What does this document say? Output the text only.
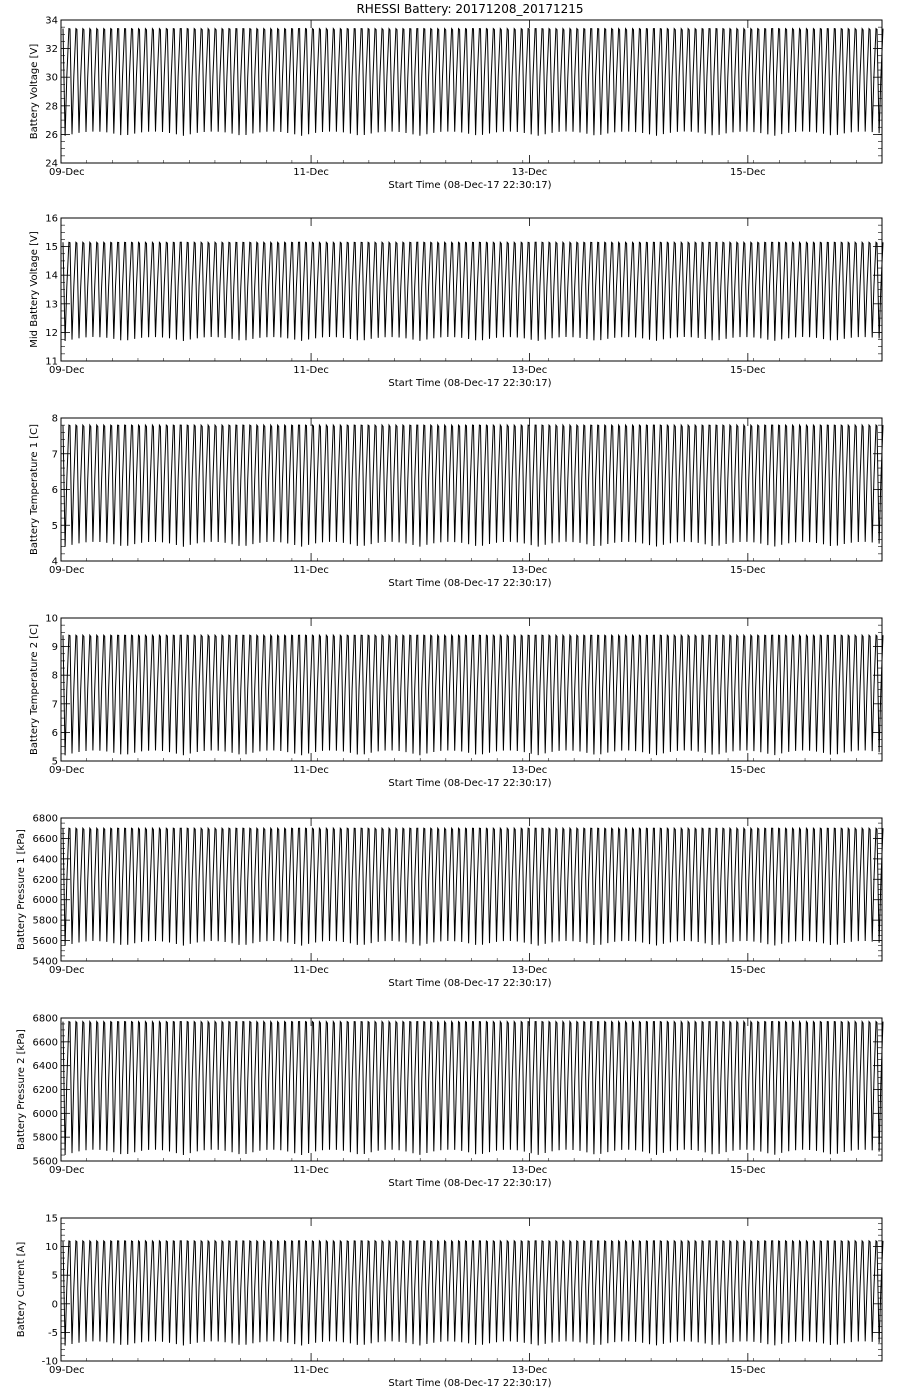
RHESSI Battery: 20171208_20171215
24
26
28
30
32
34
09-Dec	11-Dec	13-Dec	15-Dec
Start Time (08-Dec-17 22:30:17)
Battery Voltage [V]
11
12
13
14
15
16
09-Dec	11-Dec	13-Dec	15-Dec
Start Time (08-Dec-17 22:30:17)
Mid Battery Voltage [V]
4
5
6
7
8
09-Dec	11-Dec	13-Dec	15-Dec
Start Time (08-Dec-17 22:30:17)
Battery Temperature 1 [C]
5
6
7
8
9
10
09-Dec	11-Dec	13-Dec	15-Dec
Start Time (08-Dec-17 22:30:17)
Battery Temperature 2 [C]
5400
5600
5800
6000
6200
6400
6600
6800
09-Dec	11-Dec	13-Dec	15-Dec
Start Time (08-Dec-17 22:30:17)
Battery Pressure 1 [kPa]
5600
5800
6000
6200
6400
6600
6800
09-Dec	11-Dec	13-Dec	15-Dec
Start Time (08-Dec-17 22:30:17)
Battery Pressure 2 [kPa]
-10
-5
0
5
10
15
09-Dec	11-Dec	13-Dec	15-Dec
Start Time (08-Dec-17 22:30:17)
Battery Current [A]
